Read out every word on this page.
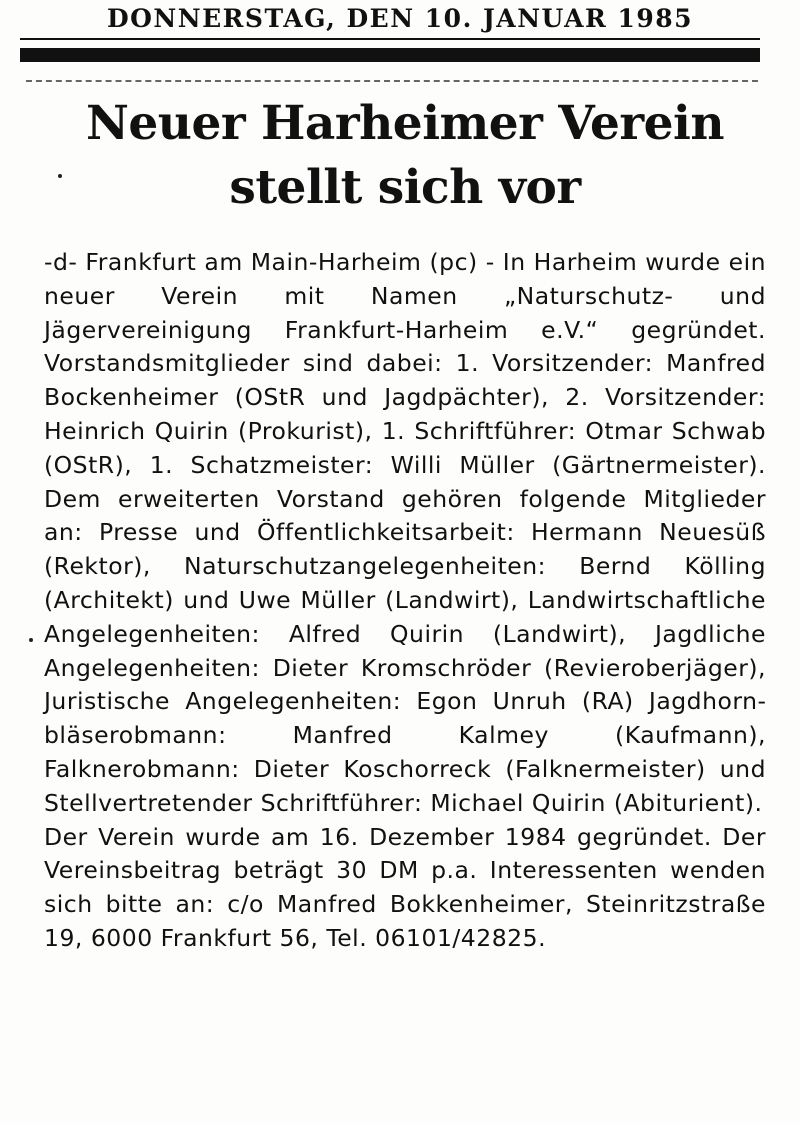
DONNERSTAG, DEN 10. JANUAR 1985
Neuer Harheimer Verein
stellt sich vor

-d- Frankfurt am Main-Harheim (pc) - In Harheim wurde ein neuer Verein mit Namen „Naturschutz- und Jägervereinigung Frankfurt-Harheim e.V.“ gegründet. Vorstandsmitglieder sind dabei: 1. Vorsitzender: Manfred Bockenheimer (OStR und Jagdpächter), 2. Vorsitzender: Heinrich Quirin (Prokurist), 1. Schriftführer: Otmar Schwab (OStR), 1. Schatzmeister: Willi Müller (Gärtnermeister). Dem erweiterten Vorstand gehören folgende Mitglieder an: Presse und Öffentlichkeitsarbeit: Hermann Neuesüß (Rektor), Naturschutzangelegenheiten: Bernd Kölling (Architekt) und Uwe Müller (Landwirt), Landwirtschaftliche Angelegenheiten: Alfred Quirin (Landwirt), Jagdliche Angelegenheiten: Dieter Kromschröder (Revieroberjäger), Juristische Angelegenheiten: Egon Unruh (RA) Jagdhornbläserobmann: Manfred Kalmey (Kaufmann), Falknerobmann: Dieter Koschorreck (Falknermeister) und Stellvertretender Schriftführer: Michael Quirin (Abiturient).

Der Verein wurde am 16. Dezember 1984 gegründet. Der Vereinsbeitrag beträgt 30 DM p.a. Interessenten wenden sich bitte an: c/o Manfred Bokkenheimer, Steinritzstraße 19, 6000 Frankfurt 56, Tel. 06101/42825.
